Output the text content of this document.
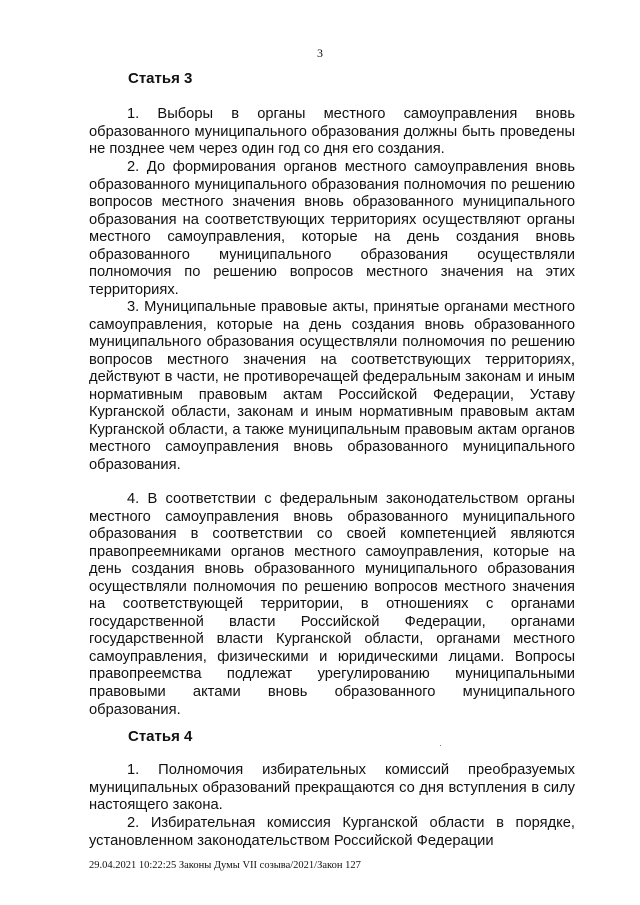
3
Статья 3

1. Выборы в органы местного самоуправления вновь образованного муниципального образования должны быть проведены не позднее чем через один год со дня его создания.

2. До формирования органов местного самоуправления вновь образованного муниципального образования полномочия по решению вопросов местного значения вновь образованного муниципального образования на соответствующих территориях осуществляют органы местного самоуправления, которые на день создания вновь образованного муниципального образования осуществляли полномочия по решению вопросов местного значения на этих территориях.

3. Муниципальные правовые акты, принятые органами местного самоуправления, которые на день создания вновь образованного муниципального образования осуществляли полномочия по решению вопросов местного значения на соответствующих территориях, действуют в части, не противоречащей федеральным законам и иным нормативным правовым актам Российской Федерации, Уставу Курганской области, законам и иным нормативным правовым актам Курганской области, а также муниципальным правовым актам органов местного самоуправления вновь образованного муниципального образования.

4. В соответствии с федеральным законодательством органы местного самоуправления вновь образованного муниципального образования в соответствии со своей компетенцией являются правопреемниками органов местного самоуправления, которые на день создания вновь образованного муниципального образования осуществляли полномочия по решению вопросов местного значения на соответствующей территории, в отношениях с органами государственной власти Российской Федерации, органами государственной власти Курганской области, органами местного самоуправления, физическими и юридическими лицами. Вопросы правопреемства подлежат урегулированию муниципальными правовыми актами вновь образованного муниципального образования.

Статья 4

1. Полномочия избирательных комиссий преобразуемых муниципальных образований прекращаются со дня вступления в силу настоящего закона.

2. Избирательная комиссия Курганской области в порядке, установленном законодательством Российской Федерации

29.04.2021 10:22:25 Законы Думы VII созыва/2021/Закон 127
